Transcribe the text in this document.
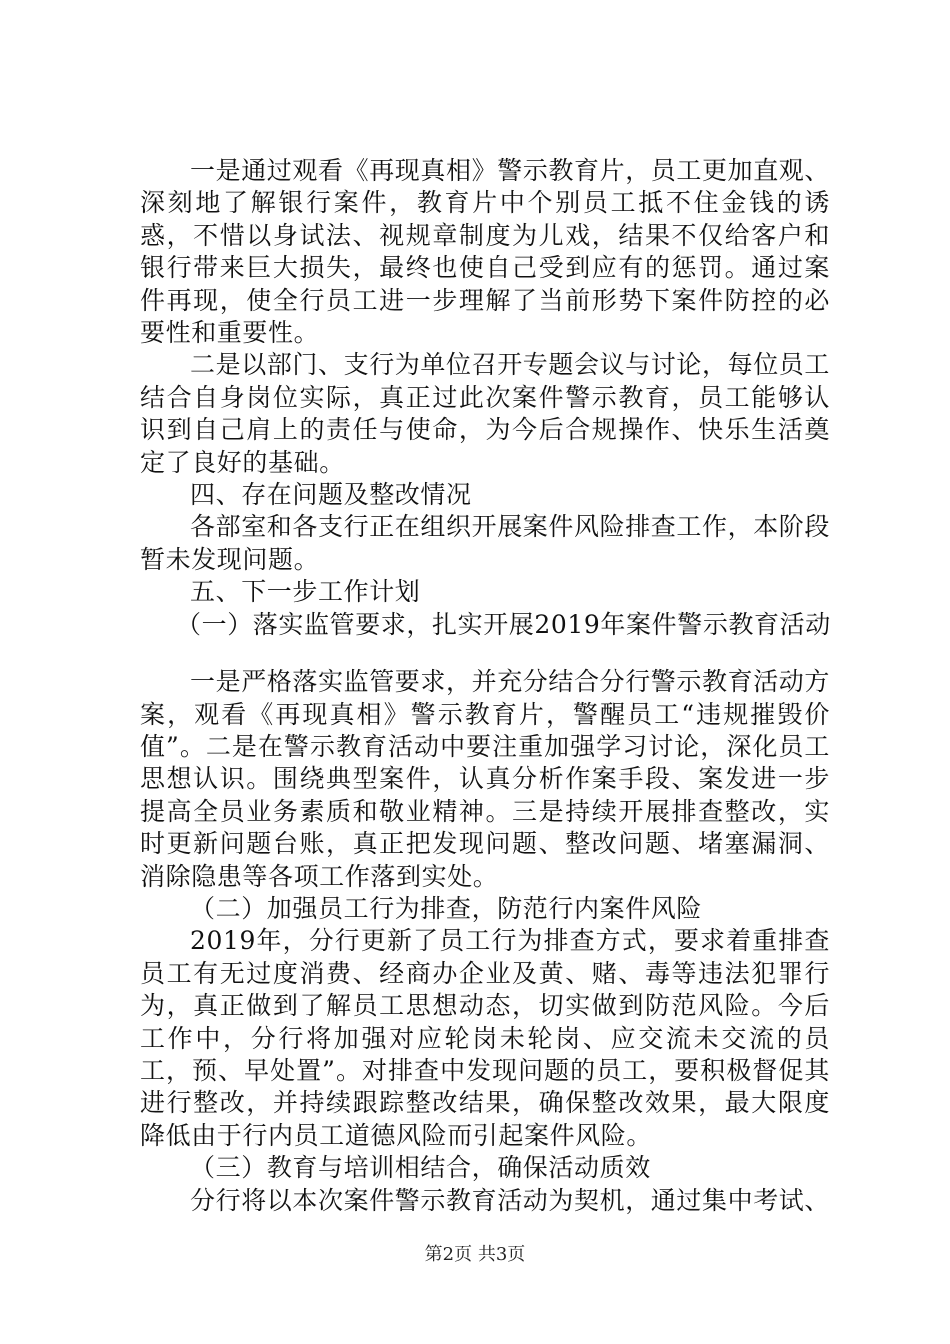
一是通过观看《再现真相》警示教育片，员工更加直观、深刻地了解银行案件，教育片中个别员工抵不住金钱的诱惑，不惜以身试法、视规章制度为儿戏，结果不仅给客户和银行带来巨大损失，最终也使自己受到应有的惩罚。通过案件再现，使全行员工进一步理解了当前形势下案件防控的必要性和重要性。

二是以部门、支行为单位召开专题会议与讨论，每位员工结合自身岗位实际，真正过此次案件警示教育，员工能够认识到自己肩上的责任与使命，为今后合规操作、快乐生活奠定了良好的基础。

四、存在问题及整改情况

各部室和各支行正在组织开展案件风险排查工作，本阶段暂未发现问题。

五、下一步工作计划

（一）落实监管要求，扎实开展2019年案件警示教育活动

一是严格落实监管要求，并充分结合分行警示教育活动方案，观看《再现真相》警示教育片，警醒员工“违规摧毁价值”。二是在警示教育活动中要注重加强学习讨论，深化员工思想认识。围绕典型案件，认真分析作案手段、案发进一步提高全员业务素质和敬业精神。三是持续开展排查整改，实时更新问题台账，真正把发现问题、整改问题、堵塞漏洞、消除隐患等各项工作落到实处。

（二）加强员工行为排查，防范行内案件风险

2019年，分行更新了员工行为排查方式，要求着重排查员工有无过度消费、经商办企业及黄、赌、毒等违法犯罪行为，真正做到了解员工思想动态，切实做到防范风险。今后工作中，分行将加强对应轮岗未轮岗、应交流未交流的员工，预、早处置”。对排查中发现问题的员工，要积极督促其进行整改，并持续跟踪整改结果，确保整改效果，最大限度降低由于行内员工道德风险而引起案件风险。

（三）教育与培训相结合，确保活动质效

分行将以本次案件警示教育活动为契机，通过集中考试、

第2页 共3页
